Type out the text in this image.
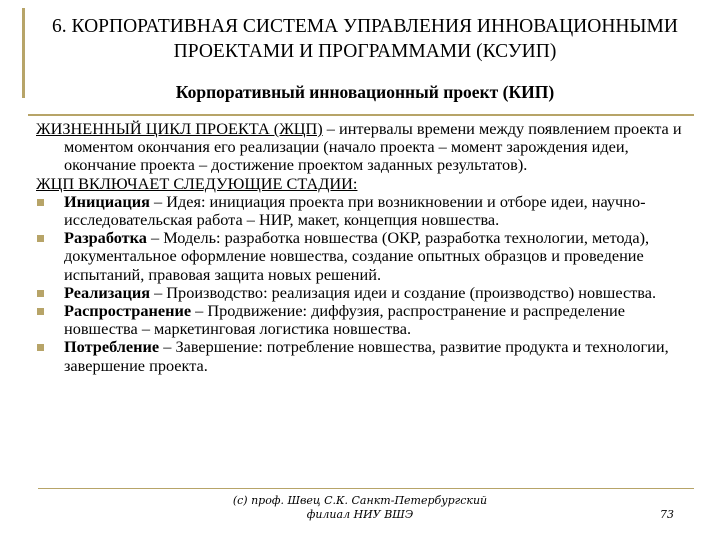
6. КОРПОРАТИВНАЯ СИСТЕМА УПРАВЛЕНИЯ ИННОВАЦИОННЫМИ ПРОЕКТАМИ И ПРОГРАММАМИ (КСУИП)
Корпоративный инновационный проект (КИП)

ЖИЗНЕННЫЙ ЦИКЛ ПРОЕКТА (ЖЦП) – интервалы времени между появлением проекта и моментом окончания его реализации (начало проекта – момент зарождения идеи, окончание проекта – достижение проектом заданных результатов).

ЖЦП ВКЛЮЧАЕТ СЛЕДУЮЩИЕ СТАДИИ:

Инициация – Идея: инициация проекта при возникновении и отборе идеи, научно-исследовательская работа – НИР, макет, концепция новшества.

Разработка – Модель: разработка новшества (ОКР, разработка технологии, метода), документальное оформление новшества, создание опытных образцов и проведение испытаний, правовая защита новых решений.

Реализация – Производство: реализация идеи и создание (производство) новшества.

Распространение – Продвижение: диффузия, распространение и распределение новшества – маркетинговая логистика новшества.

Потребление – Завершение: потребление новшества, развитие продукта и технологии, завершение проекта.

(c) проф. Швец С.К. Санкт-Петербургский
филиал НИУ ВШЭ	73
